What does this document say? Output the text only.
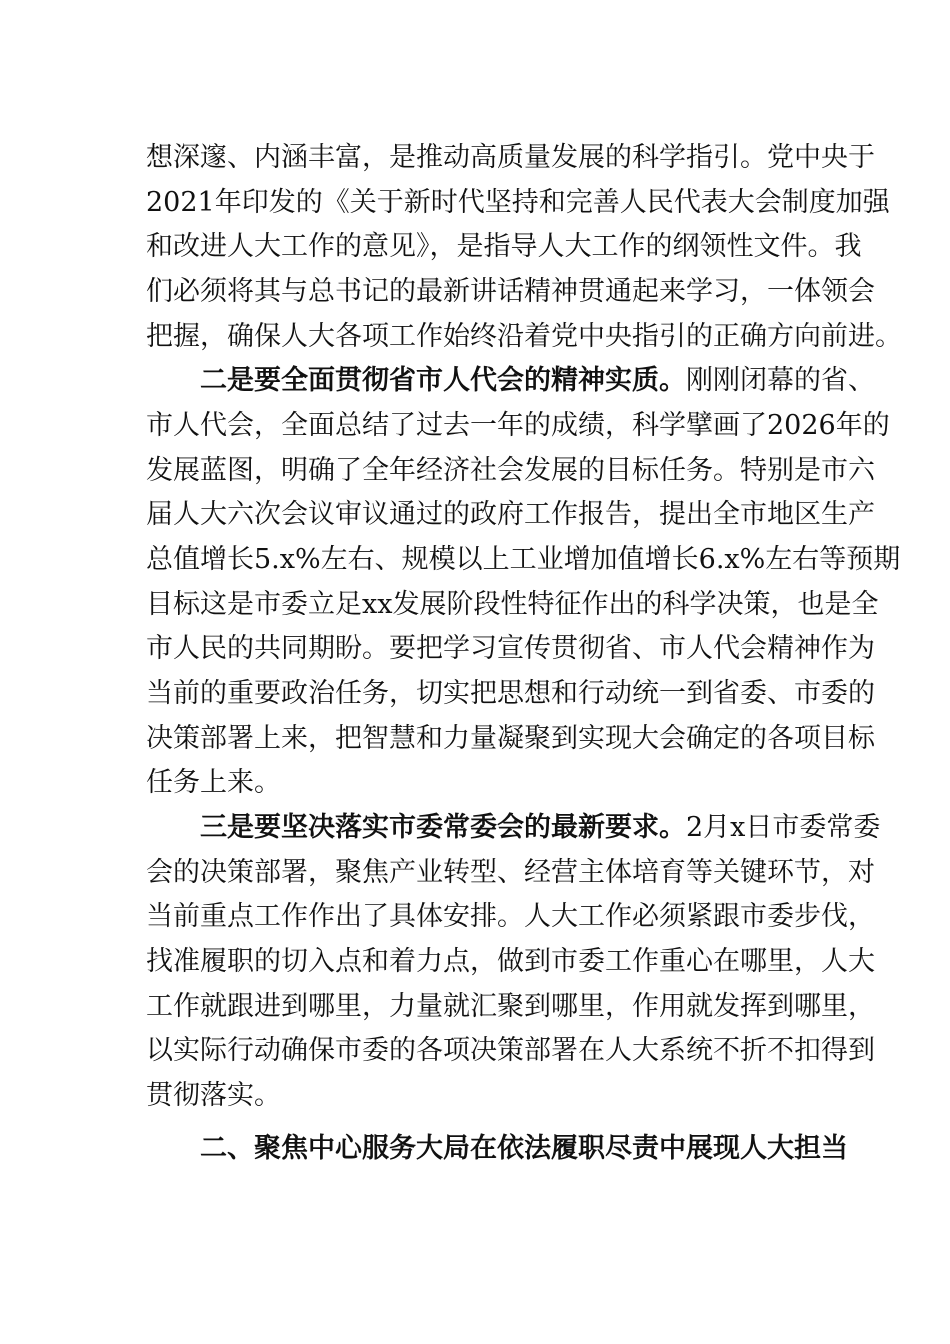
想深邃、内涵丰富，是推动高质量发展的科学指引。党中央于
2021年印发的《关于新时代坚持和完善人民代表大会制度加强
和改进人大工作的意见》，是指导人大工作的纲领性文件。我
们必须将其与总书记的最新讲话精神贯通起来学习，一体领会
把握，确保人大各项工作始终沿着党中央指引的正确方向前进。
二是要全面贯彻省市人代会的精神实质。刚刚闭幕的省、
市人代会，全面总结了过去一年的成绩，科学擘画了2026年的
发展蓝图，明确了全年经济社会发展的目标任务。特别是市六
届人大六次会议审议通过的政府工作报告，提出全市地区生产
总值增长5.x%左右、规模以上工业增加值增长6.x%左右等预期
目标这是市委立足xx发展阶段性特征作出的科学决策，也是全
市人民的共同期盼。要把学习宣传贯彻省、市人代会精神作为
当前的重要政治任务，切实把思想和行动统一到省委、市委的
决策部署上来，把智慧和力量凝聚到实现大会确定的各项目标
任务上来。
三是要坚决落实市委常委会的最新要求。2月x日市委常委
会的决策部署，聚焦产业转型、经营主体培育等关键环节，对
当前重点工作作出了具体安排。人大工作必须紧跟市委步伐，
找准履职的切入点和着力点，做到市委工作重心在哪里，人大
工作就跟进到哪里，力量就汇聚到哪里，作用就发挥到哪里，
以实际行动确保市委的各项决策部署在人大系统不折不扣得到
贯彻落实。
二、聚焦中心服务大局在依法履职尽责中展现人大担当
